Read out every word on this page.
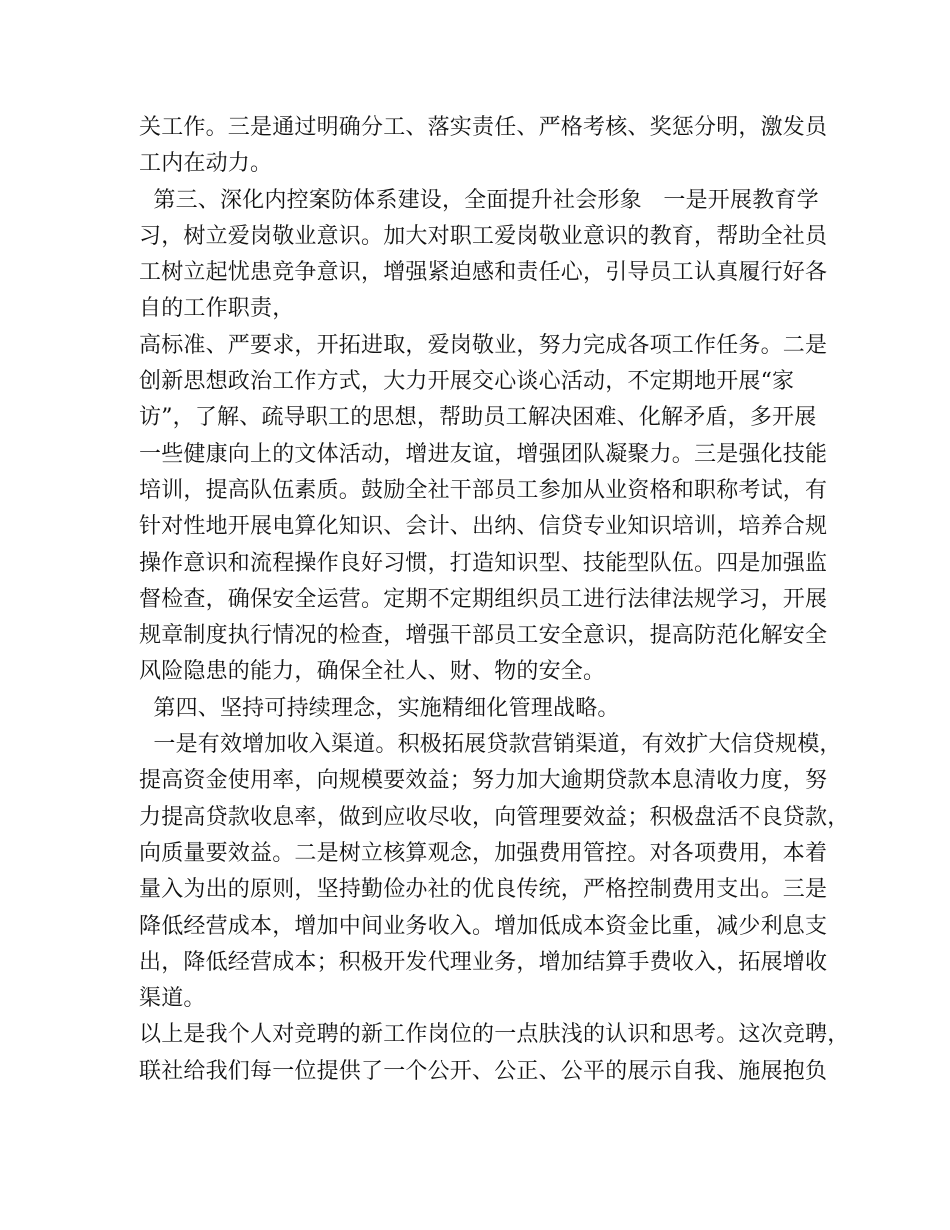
关工作。三是通过明确分工、落实责任、严格考核、奖惩分明，激发员
工内在动力。
第三、深化内控案防体系建设，全面提升社会形象   一是开展教育学
习，树立爱岗敬业意识。加大对职工爱岗敬业意识的教育，帮助全社员
工树立起忧患竞争意识，增强紧迫感和责任心，引导员工认真履行好各
自的工作职责，
高标准、严要求，开拓进取，爱岗敬业，努力完成各项工作任务。二是
创新思想政治工作方式，大力开展交心谈心活动，不定期地开展“家
访”，了解、疏导职工的思想，帮助员工解决困难、化解矛盾，多开展
一些健康向上的文体活动，增进友谊，增强团队凝聚力。三是强化技能
培训，提高队伍素质。鼓励全社干部员工参加从业资格和职称考试，有
针对性地开展电算化知识、会计、出纳、信贷专业知识培训，培养合规
操作意识和流程操作良好习惯，打造知识型、技能型队伍。四是加强监
督检查，确保安全运营。定期不定期组织员工进行法律法规学习，开展
规章制度执行情况的检查，增强干部员工安全意识，提高防范化解安全
风险隐患的能力，确保全社人、财、物的安全。
第四、坚持可持续理念，实施精细化管理战略。
一是有效增加收入渠道。积极拓展贷款营销渠道，有效扩大信贷规模，
提高资金使用率，向规模要效益；努力加大逾期贷款本息清收力度，努
力提高贷款收息率，做到应收尽收，向管理要效益；积极盘活不良贷款，
向质量要效益。二是树立核算观念，加强费用管控。对各项费用，本着
量入为出的原则，坚持勤俭办社的优良传统，严格控制费用支出。三是
降低经营成本，增加中间业务收入。增加低成本资金比重，减少利息支
出，降低经营成本；积极开发代理业务，增加结算手费收入，拓展增收
渠道。
以上是我个人对竞聘的新工作岗位的一点肤浅的认识和思考。这次竞聘，
联社给我们每一位提供了一个公开、公正、公平的展示自我、施展抱负
